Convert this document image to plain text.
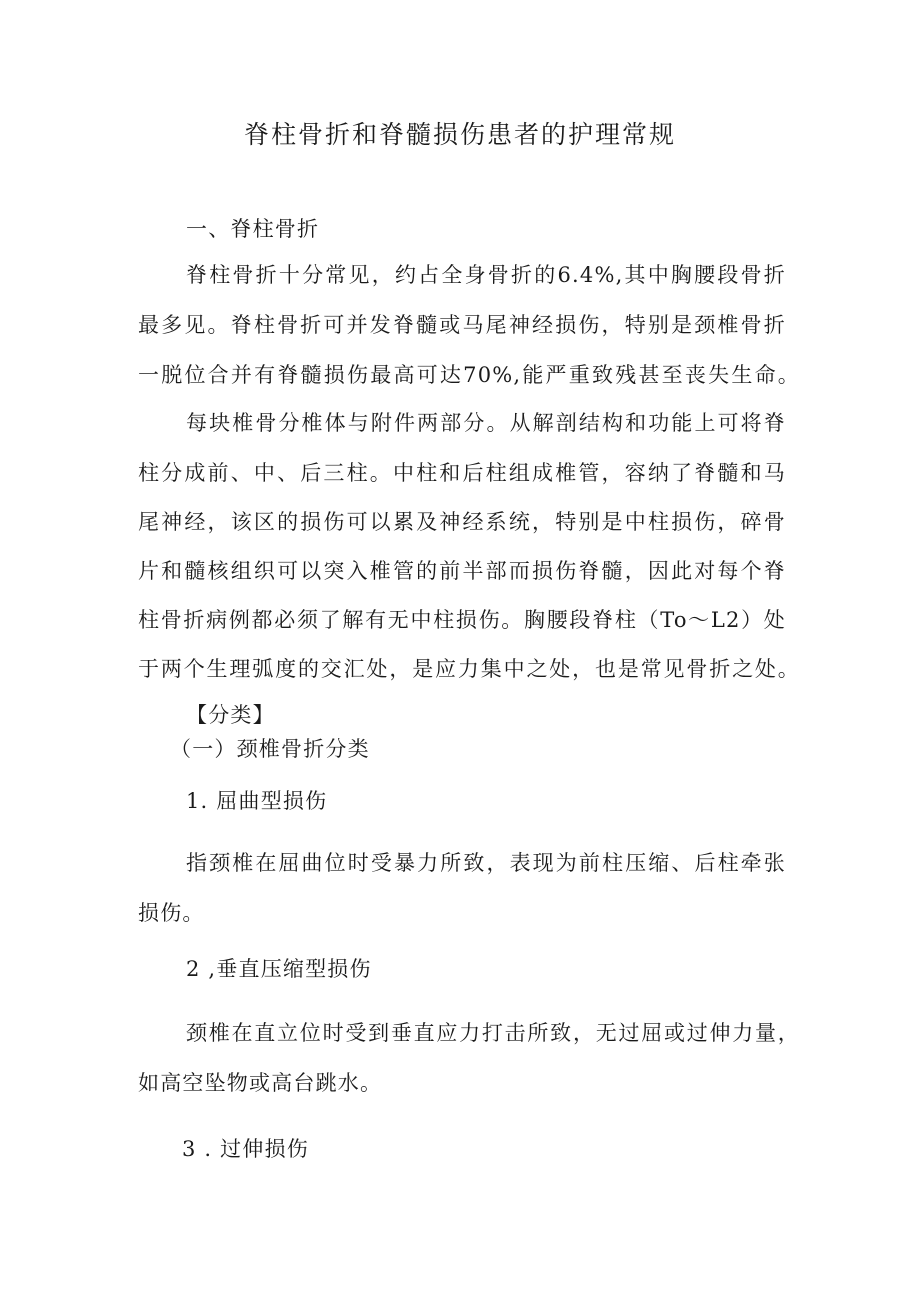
脊柱骨折和脊髓损伤患者的护理常规

一、脊柱骨折

脊柱骨折十分常见，约占全身骨折的6.4%,其中胸腰段骨折

最多见。脊柱骨折可并发脊髓或马尾神经损伤，特别是颈椎骨折

一脱位合并有脊髓损伤最高可达70%,能严重致残甚至丧失生命。

每块椎骨分椎体与附件两部分。从解剖结构和功能上可将脊

柱分成前、中、后三柱。中柱和后柱组成椎管，容纳了脊髓和马

尾神经，该区的损伤可以累及神经系统，特别是中柱损伤，碎骨

片和髓核组织可以突入椎管的前半部而损伤脊髓，因此对每个脊

柱骨折病例都必须了解有无中柱损伤。胸腰段脊柱（To～L2）处

于两个生理弧度的交汇处，是应力集中之处，也是常见骨折之处。

【分类】

（一）颈椎骨折分类

1. 屈曲型损伤

指颈椎在屈曲位时受暴力所致，表现为前柱压缩、后柱牵张

损伤。

2 ,垂直压缩型损伤

颈椎在直立位时受到垂直应力打击所致，无过屈或过伸力量，

如高空坠物或高台跳水。

3 . 过伸损伤
